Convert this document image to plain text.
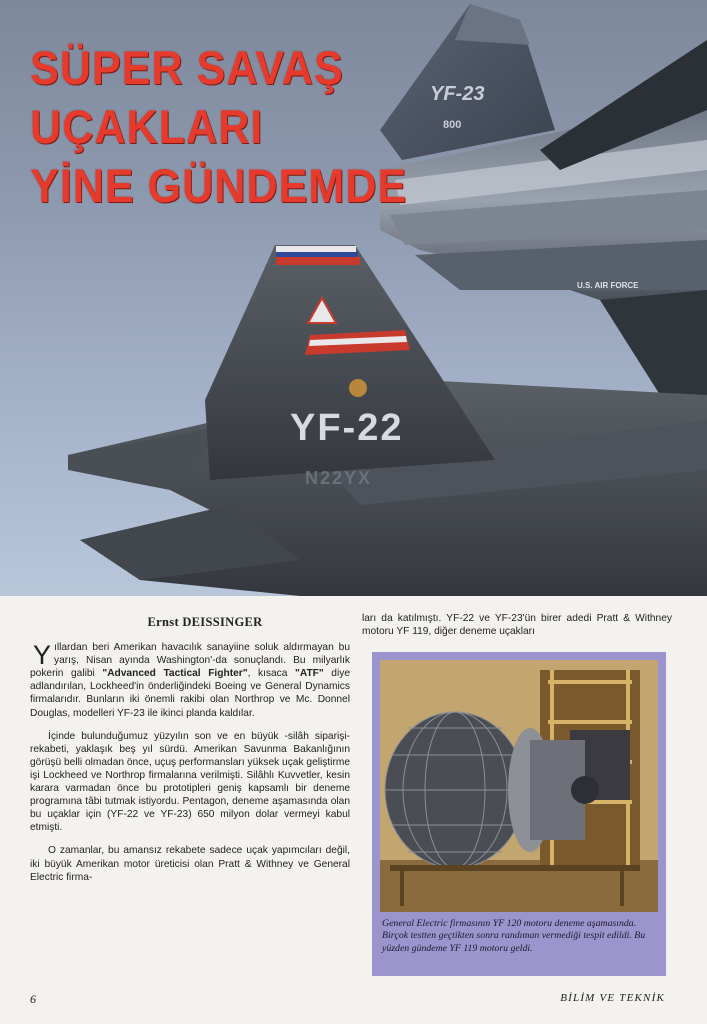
YF-23
800
U.S. AIR FORCE
YF-22
N22YX
SÜPER SAVAŞ
UÇAKLARI
YİNE GÜNDEMDE
Ernst DEISSINGER

Yıllardan beri Amerikan havacılık sanayiine soluk aldırmayan bu yarış, Nisan ayında Washington'-da sonuçlandı. Bu milyarlık pokerin galibi "Advanced Tactical Fighter", kısaca "ATF" diye adlandırılan, Lockheed'in önderliğindeki Boeing ve General Dynamics firmalarıdır. Bunların iki önemli rakibi olan Northrop ve Mc. Donnel Douglas, modelleri YF-23 ile ikinci planda kaldılar.

İçinde bulunduğumuz yüzyılın son ve en büyük -silâh siparişi-rekabeti, yaklaşık beş yıl sürdü. Amerikan Savunma Bakanlığının görüşü belli olmadan önce, uçuş performansları yüksek uçak geliştirme işi Lockheed ve Northrop firmalarına verilmişti. Silâhlı Kuvvetler, kesin karara varmadan önce bu prototipleri geniş kapsamlı bir deneme programına tâbi tutmak istiyordu. Pentagon, deneme aşamasında olan bu uçaklar için (YF-22 ve YF-23) 650 milyon dolar vermeyi kabul etmişti.

O zamanlar, bu amansız rekabete sadece uçak yapımcıları değil, iki büyük Amerikan motor üreticisi olan Pratt & Withney ve General Electric firma-

ları da katılmıştı. YF-22 ve YF-23'ün birer adedi Pratt & Withney motoru YF 119, diğer deneme uçakları

General Electric firmasının YF 120 motoru deneme aşamasında. Birçok testten geçtikten sonra randıman vermediği tespit edildi. Bu yüzden gündeme YF 119 motoru geldi.
6	BİLİM VE TEKNİK
